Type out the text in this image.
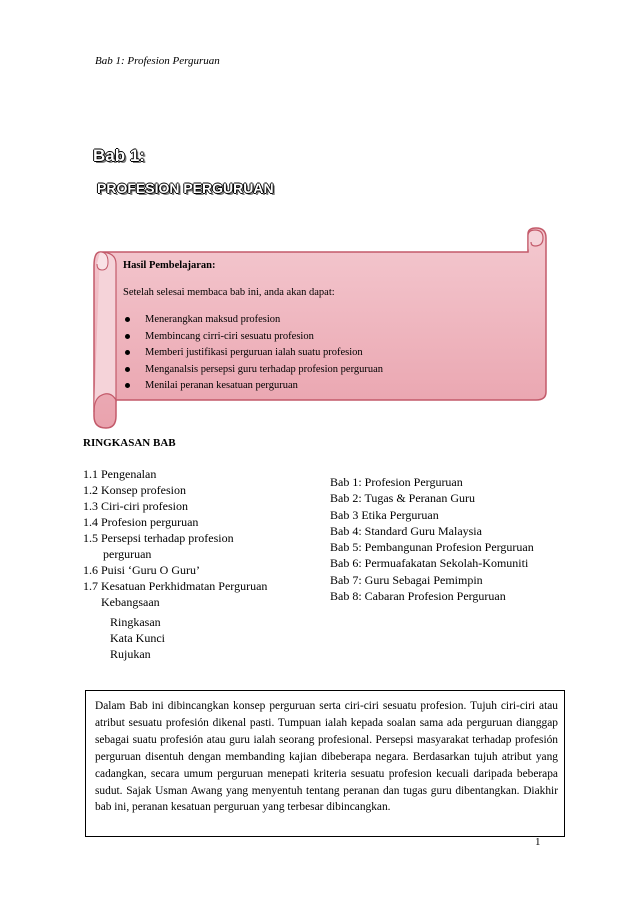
Bab 1: Profesion Perguruan
Bab 1:
PROFESION PERGURUAN
Hasil Pembelajaran:
Setelah selesai membaca bab ini, anda akan dapat:
Menerangkan maksud profesion
Membincang cirri-ciri sesuatu profesion
Memberi justifikasi perguruan ialah suatu profesion
Menganalsis persepsi guru terhadap profesion perguruan
Menilai peranan kesatuan perguruan
RINGKASAN BAB
1.1 Pengenalan
1.2 Konsep profesion
1.3 Ciri-ciri profesion
1.4 Profesion perguruan
1.5 Persepsi terhadap profesion
perguruan
1.6 Puisi ‘Guru O Guru’
1.7 Kesatuan Perkhidmatan Perguruan
Kebangsaan
Ringkasan
Kata Kunci
Rujukan
Bab 1: Profesion Perguruan
Bab 2: Tugas & Peranan Guru
Bab 3 Etika Perguruan
Bab 4: Standard Guru Malaysia
Bab 5: Pembangunan Profesion Perguruan
Bab 6: Permuafakatan Sekolah-Komuniti
Bab 7: Guru Sebagai Pemimpin
Bab 8: Cabaran Profesion Perguruan
Dalam Bab ini dibincangkan konsep perguruan serta ciri-ciri sesuatu profesion. Tujuh ciri-ciri atau atribut sesuatu profesión dikenal pasti. Tumpuan ialah kepada soalan sama ada perguruan dianggap sebagai suatu profesión atau guru ialah seorang profesional. Persepsi masyarakat terhadap profesión perguruan disentuh dengan membanding kajian dibeberapa negara. Berdasarkan tujuh atribut yang cadangkan, secara umum perguruan menepati kriteria sesuatu profesion kecuali daripada beberapa sudut. Sajak Usman Awang yang menyentuh tentang peranan dan tugas guru dibentangkan. Diakhir bab ini, peranan kesatuan perguruan yang terbesar dibincangkan.
1
